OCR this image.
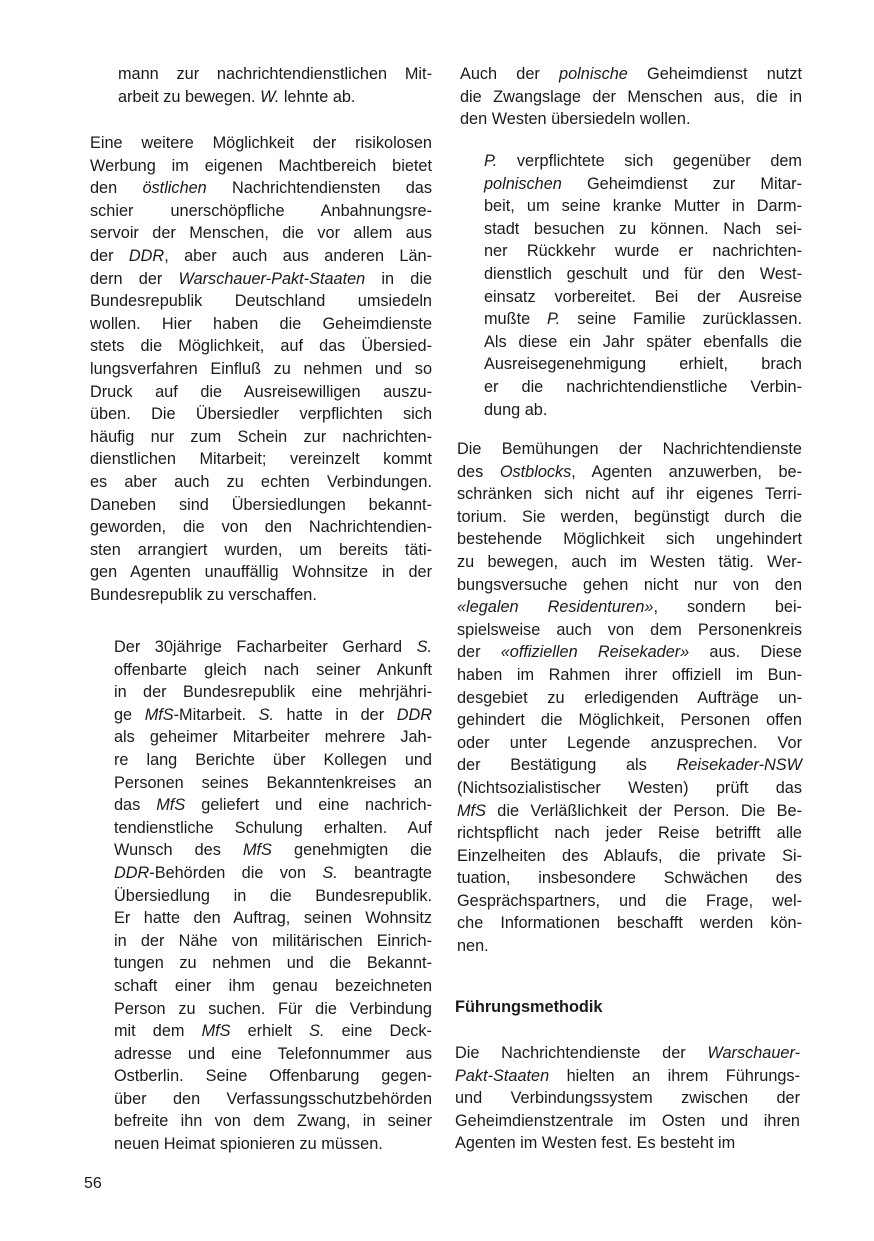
mann zur nachrichtendienstlichen Mit-
arbeit zu bewegen. W. lehnte ab.
Eine weitere Möglichkeit der risikolosen
Werbung im eigenen Machtbereich bietet
den östlichen Nachrichtendiensten das
schier unerschöpfliche Anbahnungsre-
servoir der Menschen, die vor allem aus
der DDR, aber auch aus anderen Län-
dern der Warschauer-Pakt-Staaten in die
Bundesrepublik Deutschland umsiedeln
wollen. Hier haben die Geheimdienste
stets die Möglichkeit, auf das Übersied-
lungsverfahren Einfluß zu nehmen und so
Druck auf die Ausreisewilligen auszu-
üben. Die Übersiedler verpflichten sich
häufig nur zum Schein zur nachrichten-
dienstlichen Mitarbeit; vereinzelt kommt
es aber auch zu echten Verbindungen.
Daneben sind Übersiedlungen bekannt-
geworden, die von den Nachrichtendien-
sten arrangiert wurden, um bereits täti-
gen Agenten unauffällig Wohnsitze in der
Bundesrepublik zu verschaffen.
Der 30jährige Facharbeiter Gerhard S.
offenbarte gleich nach seiner Ankunft
in der Bundesrepublik eine mehrjähri-
ge MfS-Mitarbeit. S. hatte in der DDR
als geheimer Mitarbeiter mehrere Jah-
re lang Berichte über Kollegen und
Personen seines Bekanntenkreises an
das MfS geliefert und eine nachrich-
tendienstliche Schulung erhalten. Auf
Wunsch des MfS genehmigten die
DDR-Behörden die von S. beantragte
Übersiedlung in die Bundesrepublik.
Er hatte den Auftrag, seinen Wohnsitz
in der Nähe von militärischen Einrich-
tungen zu nehmen und die Bekannt-
schaft einer ihm genau bezeichneten
Person zu suchen. Für die Verbindung
mit dem MfS erhielt S. eine Deck-
adresse und eine Telefonnummer aus
Ostberlin. Seine Offenbarung gegen-
über den Verfassungsschutzbehörden
befreite ihn von dem Zwang, in seiner
neuen Heimat spionieren zu müssen.
Auch der polnische Geheimdienst nutzt
die Zwangslage der Menschen aus, die in
den Westen übersiedeln wollen.
P. verpflichtete sich gegenüber dem
polnischen Geheimdienst zur Mitar-
beit, um seine kranke Mutter in Darm-
stadt besuchen zu können. Nach sei-
ner Rückkehr wurde er nachrichten-
dienstlich geschult und für den West-
einsatz vorbereitet. Bei der Ausreise
mußte P. seine Familie zurücklassen.
Als diese ein Jahr später ebenfalls die
Ausreisegenehmigung erhielt, brach
er die nachrichtendienstliche Verbin-
dung ab.
Die Bemühungen der Nachrichtendienste
des Ostblocks, Agenten anzuwerben, be-
schränken sich nicht auf ihr eigenes Terri-
torium. Sie werden, begünstigt durch die
bestehende Möglichkeit sich ungehindert
zu bewegen, auch im Westen tätig. Wer-
bungsversuche gehen nicht nur von den
«legalen Residenturen», sondern bei-
spielsweise auch von dem Personenkreis
der «offiziellen Reisekader» aus. Diese
haben im Rahmen ihrer offiziell im Bun-
desgebiet zu erledigenden Aufträge un-
gehindert die Möglichkeit, Personen offen
oder unter Legende anzusprechen. Vor
der Bestätigung als Reisekader-NSW
(Nichtsozialistischer Westen) prüft das
MfS die Verläßlichkeit der Person. Die Be-
richtspflicht nach jeder Reise betrifft alle
Einzelheiten des Ablaufs, die private Si-
tuation, insbesondere Schwächen des
Gesprächspartners, und die Frage, wel-
che Informationen beschafft werden kön-
nen.
Führungsmethodik
Die Nachrichtendienste der Warschauer-
Pakt-Staaten hielten an ihrem Führungs-
und Verbindungssystem zwischen der
Geheimdienstzentrale im Osten und ihren
Agenten im Westen fest. Es besteht im
56
